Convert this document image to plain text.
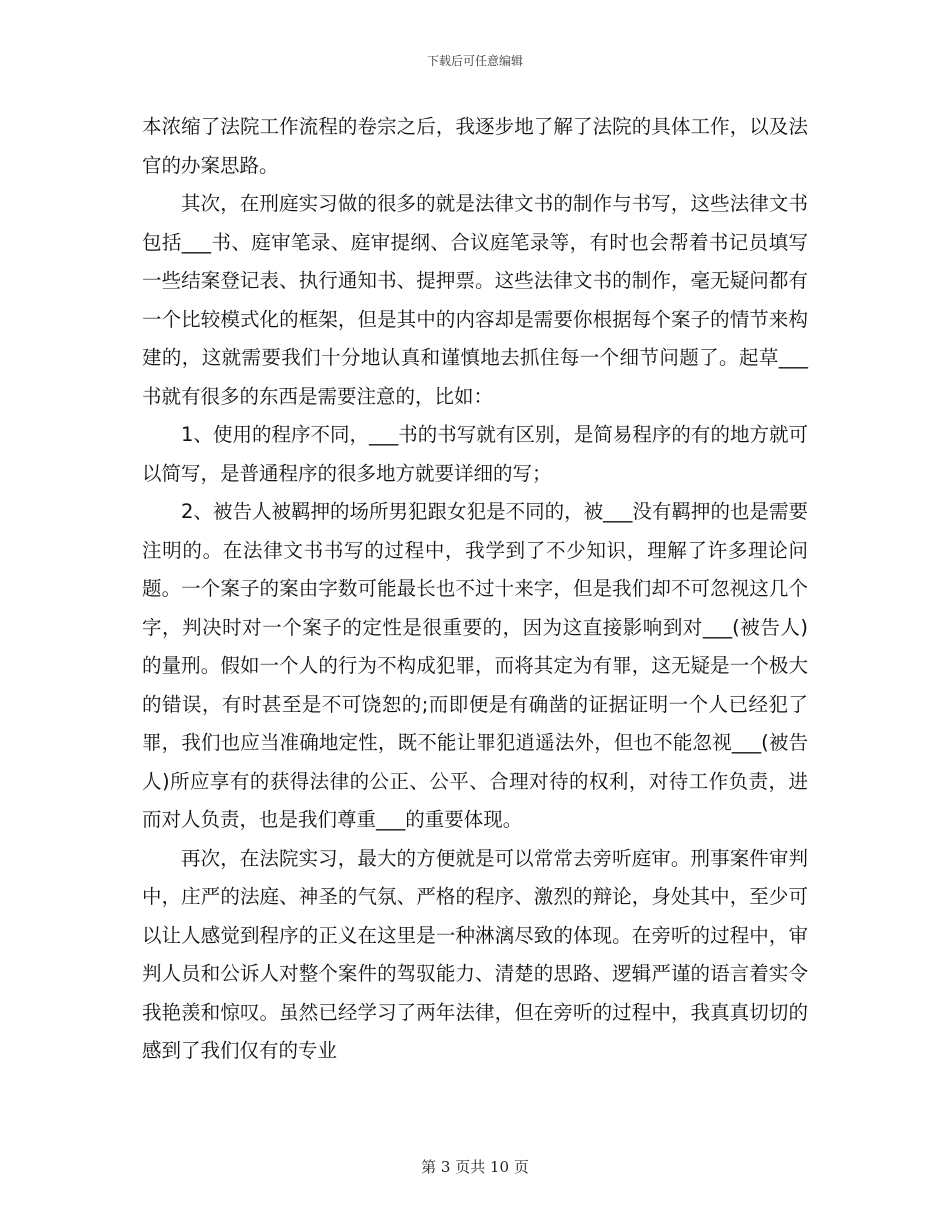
下载后可任意编辑

本浓缩了法院工作流程的卷宗之后，我逐步地了解了法院的具体工作，以及法官的办案思路。

其次，在刑庭实习做的很多的就是法律文书的制作与书写，这些法律文书包括___书、庭审笔录、庭审提纲、合议庭笔录等，有时也会帮着书记员填写一些结案登记表、执行通知书、提押票。这些法律文书的制作，毫无疑问都有一个比较模式化的框架，但是其中的内容却是需要你根据每个案子的情节来构建的，这就需要我们十分地认真和谨慎地去抓住每一个细节问题了。起草___书就有很多的东西是需要注意的，比如：

1、使用的程序不同，___书的书写就有区别，是简易程序的有的地方就可以简写，是普通程序的很多地方就要详细的写；

2、被告人被羁押的场所男犯跟女犯是不同的，被___没有羁押的也是需要注明的。在法律文书书写的过程中，我学到了不少知识，理解了许多理论问题。一个案子的案由字数可能最长也不过十来字，但是我们却不可忽视这几个字，判决时对一个案子的定性是很重要的，因为这直接影响到对___(被告人)的量刑。假如一个人的行为不构成犯罪，而将其定为有罪，这无疑是一个极大的错误，有时甚至是不可饶恕的;而即便是有确凿的证据证明一个人已经犯了罪，我们也应当准确地定性，既不能让罪犯逍遥法外，但也不能忽视___(被告人)所应享有的获得法律的公正、公平、合理对待的权利，对待工作负责，进而对人负责，也是我们尊重___的重要体现。

再次，在法院实习，最大的方便就是可以常常去旁听庭审。刑事案件审判中，庄严的法庭、神圣的气氛、严格的程序、激烈的辩论，身处其中，至少可以让人感觉到程序的正义在这里是一种淋漓尽致的体现。在旁听的过程中，审判人员和公诉人对整个案件的驾驭能力、清楚的思路、逻辑严谨的语言着实令我艳羡和惊叹。虽然已经学习了两年法律，但在旁听的过程中，我真真切切的感到了我们仅有的专业

第 3 页共 10 页
